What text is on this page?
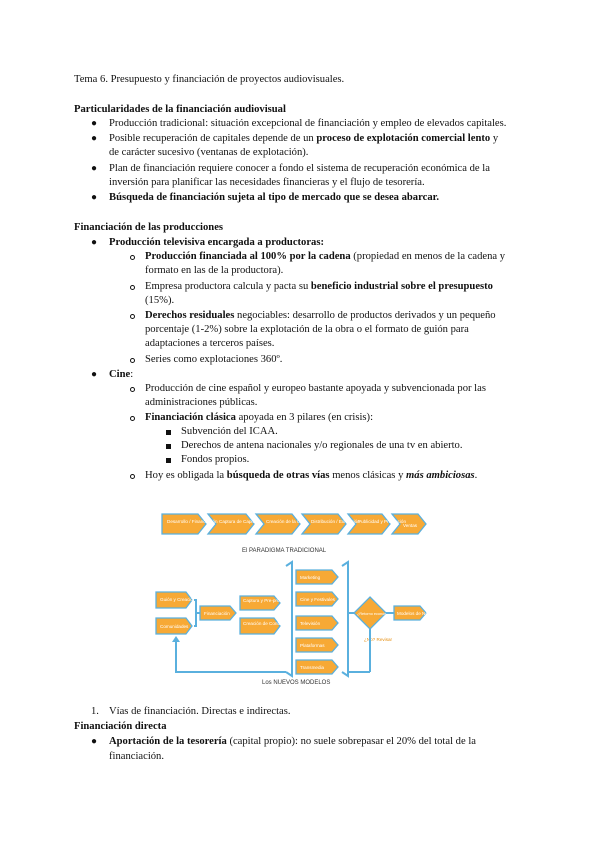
Tema 6. Presupuesto y financiación de proyectos audiovisuales.
Particularidades de la financiación audiovisual
● Producción tradicional: situación excepcional de financiación y empleo de elevados capitales.
● Posible recuperación de capitales depende de un proceso de explotación comercial lento y
de carácter sucesivo (ventanas de explotación).
● Plan de financiación requiere conocer a fondo el sistema de recuperación económica de la
inversión para planificar las necesidades financieras y el flujo de tesorería.
● Búsqueda de financiación sujeta al tipo de mercado que se desea abarcar.
Financiación de las producciones
● Producción televisiva encargada a productoras:
Producción financiada al 100% por la cadena (propiedad en menos de la cadena y
formato en las de la productora).
Empresa productora calcula y pacta su beneficio industrial sobre el presupuesto
(15%).
Derechos residuales negociables: desarrollo de productos derivados y un pequeño
porcentaje (1-2%) sobre la explotación de la obra o el formato de guión para
adaptaciones a terceros países.
Series como explotaciones 360º.
● Cine:
Producción de cine español y europeo bastante apoyada y subvencionada por las
administraciones públicas.
Financiación clásica apoyada en 3 pilares (en crisis):
Subvención del ICAA.
Derechos de antena nacionales y/o regionales de una tv en abierto.
Fondos propios.
Hoy es obligada la búsqueda de otras vías menos clásicas y más ambiciosas.
Desarrollo / Financiación Captura de Capital Creación de la Obra Distribución / Exhibición
Publicidad y Promoción
Ventas
El PARADIGMA TRADICIONAL
Guión y Creación
Comunidades
Financiación
Captura y Pre-producción
Creación de Contenidos
Marketing
Cine y Festivales
Televisión
Plataformas
Transmedia
¿Retorno económico? Modelos de Negocio
¿No? Revisar
Los NUEVOS MODELOS
1. Vías de financiación. Directas e indirectas.
Financiación directa
● Aportación de la tesorería (capital propio): no suele sobrepasar el 20% del total de la
financiación.
